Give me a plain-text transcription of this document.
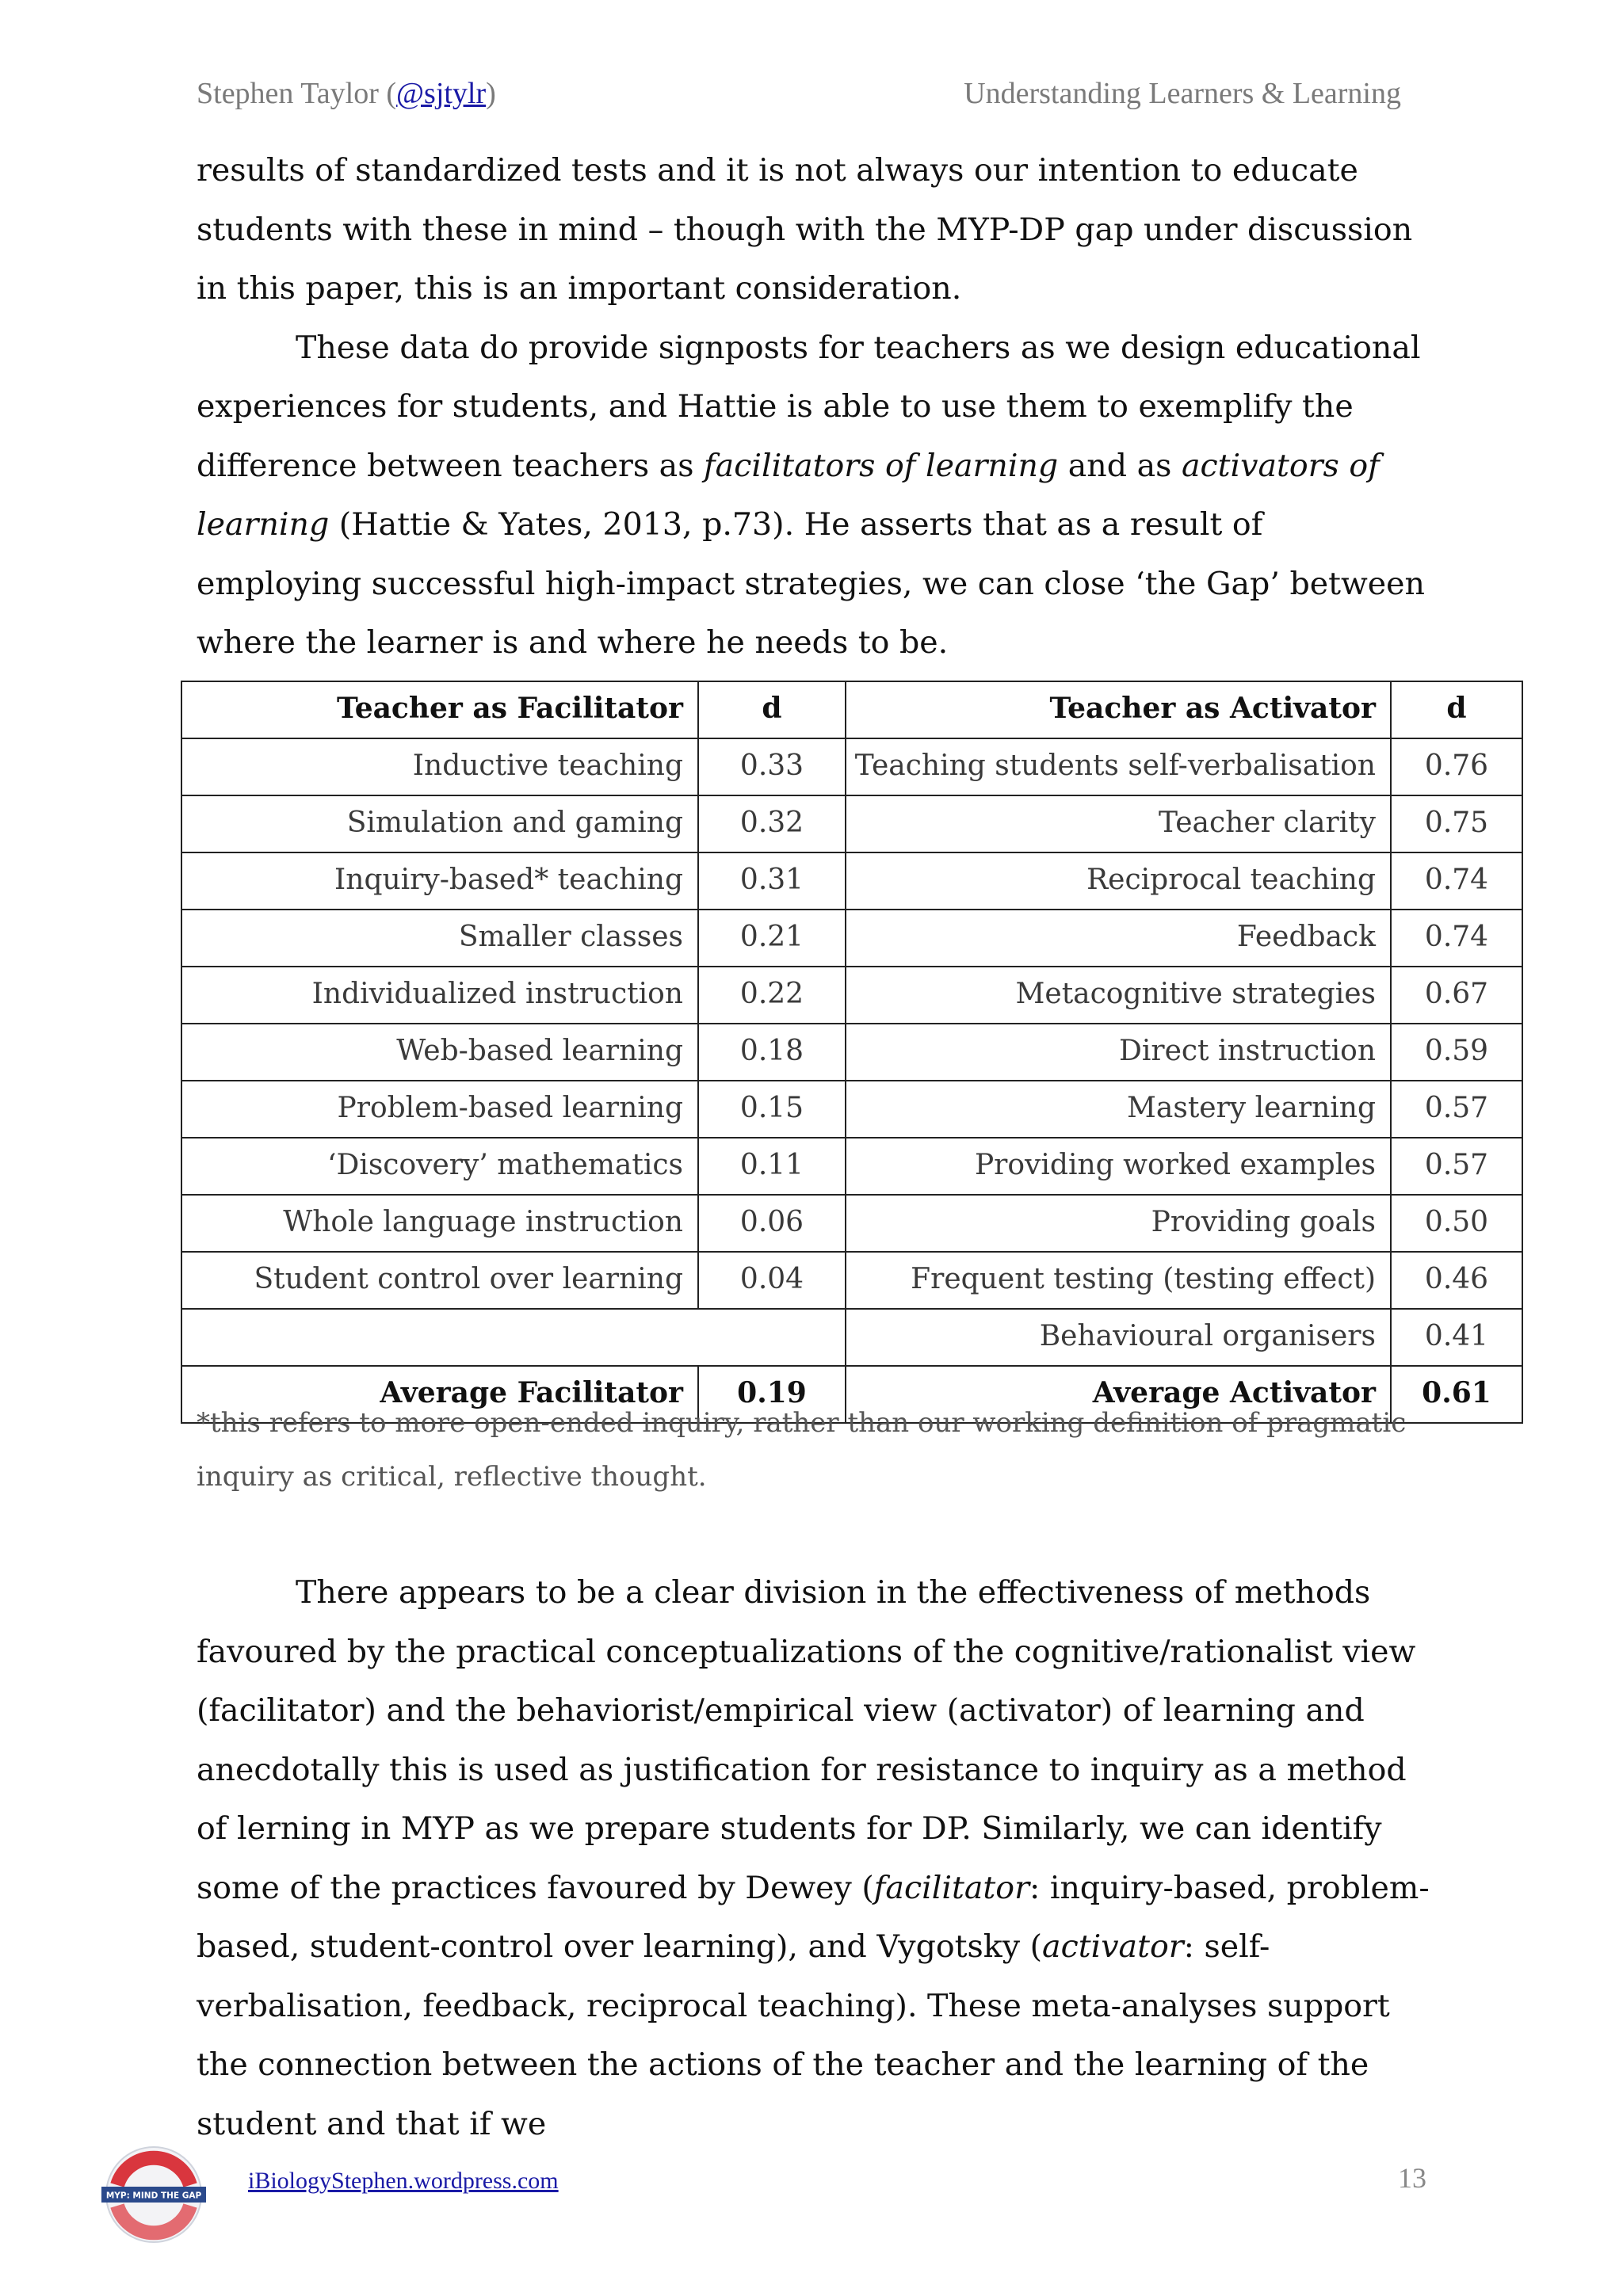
Stephen Taylor (@sjtylr)	Understanding Learners & Learning

results of standardized tests and it is not always our intention to educate students with these in mind – though with the MYP-DP gap under discussion in this paper, this is an important consideration.

These data do provide signposts for teachers as we design educational experiences for students, and Hattie is able to use them to exemplify the difference between teachers as facilitators of learning and as activators of learning (Hattie & Yates, 2013, p.73). He asserts that as a result of employing successful high-impact strategies, we can close ‘the Gap’ between where the learner is and where he needs to be.

Teacher as Facilitator	d	Teacher as Activator	d
Inductive teaching	0.33	Teaching students self-verbalisation	0.76
Simulation and gaming	0.32	Teacher clarity	0.75
Inquiry-based* teaching	0.31	Reciprocal teaching	0.74
Smaller classes	0.21	Feedback	0.74
Individualized instruction	0.22	Metacognitive strategies	0.67
Web-based learning	0.18	Direct instruction	0.59
Problem-based learning	0.15	Mastery learning	0.57
‘Discovery’ mathematics	0.11	Providing worked examples	0.57
Whole language instruction	0.06	Providing goals	0.50
Student control over learning	0.04	Frequent testing (testing effect)	0.46
		Behavioural organisers	0.41
Average Facilitator	0.19	Average Activator	0.61
*this refers to more open-ended inquiry, rather than our working definition of pragmatic inquiry as critical, reflective thought.

There appears to be a clear division in the effectiveness of methods favoured by the practical conceptualizations of the cognitive/rationalist view (facilitator) and the behaviorist/empirical view (activator) of learning and anecdotally this is used as justification for resistance to inquiry as a method of lerning in MYP as we prepare students for DP. Similarly, we can identify some of the practices favoured by Dewey (facilitator: inquiry-based, problem-based, student-control over learning), and Vygotsky (activator: self-verbalisation, feedback, reciprocal teaching). These meta-analyses support the connection between the actions of the teacher and the learning of the student and that if we

MYP: MIND THE GAP
iBiologyStephen.wordpress.com	13
